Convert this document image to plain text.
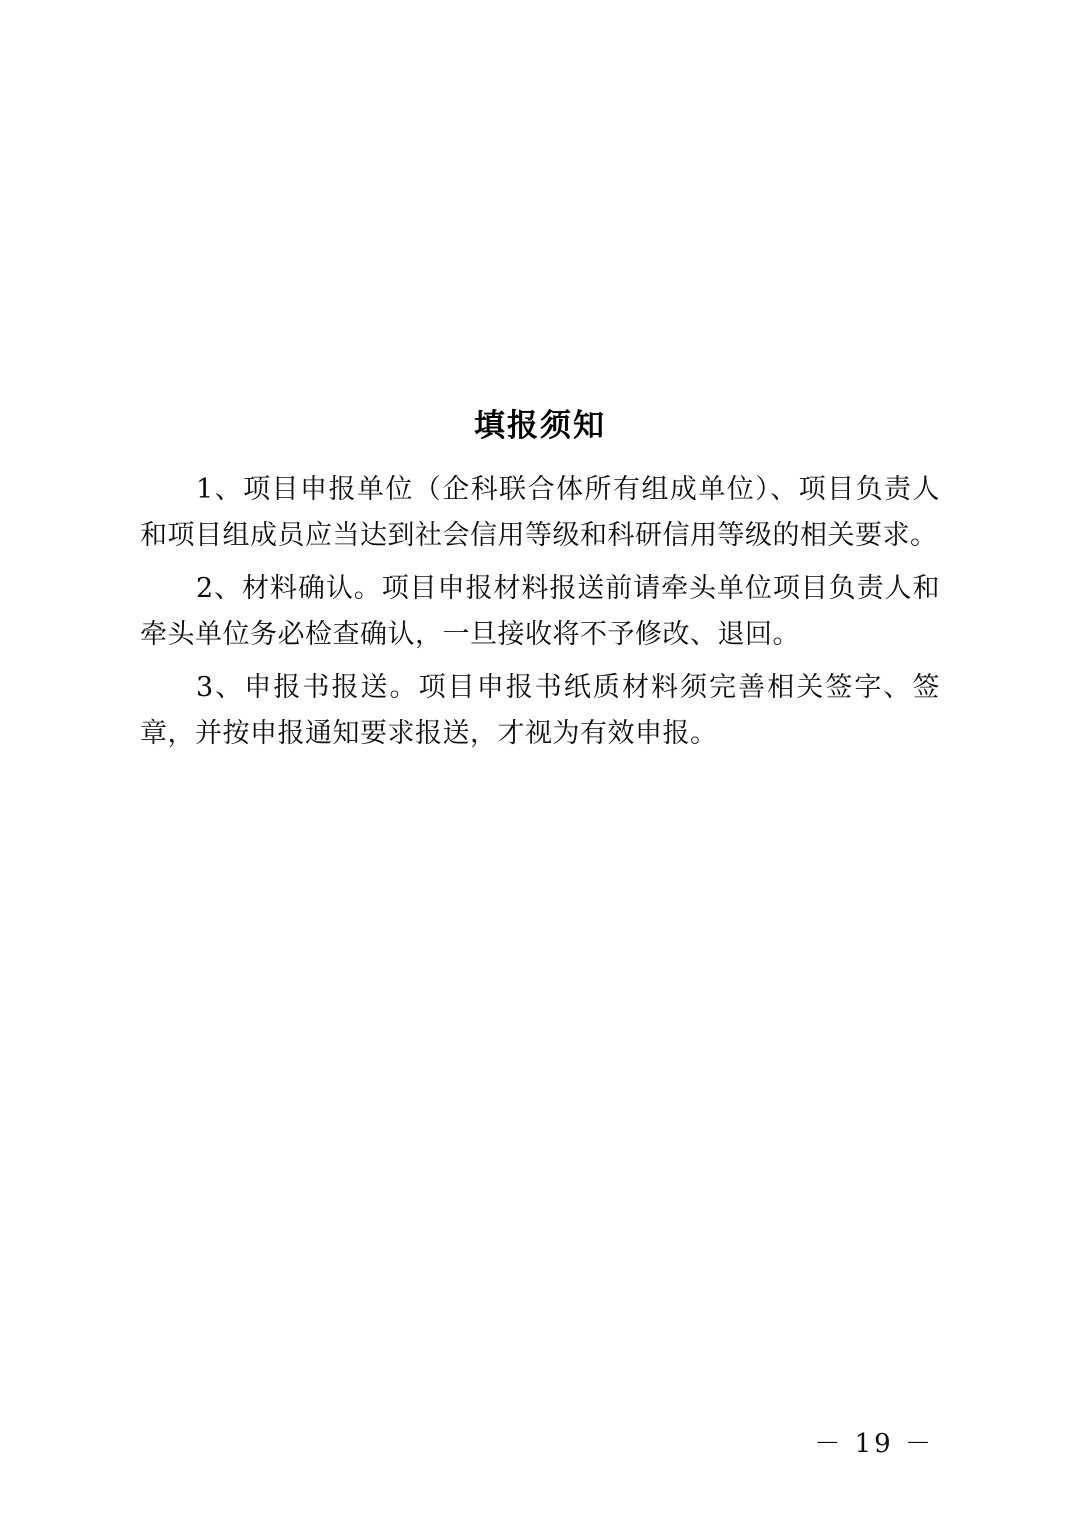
填报须知

1、项目申报单位（企科联合体所有组成单位）、项目负责人和项目组成员应当达到社会信用等级和科研信用等级的相关要求。

2、材料确认。项目申报材料报送前请牵头单位项目负责人和牵头单位务必检查确认，一旦接收将不予修改、退回。

3、申报书报送。项目申报书纸质材料须完善相关签字、签章，并按申报通知要求报送，才视为有效申报。

－ 19 －
